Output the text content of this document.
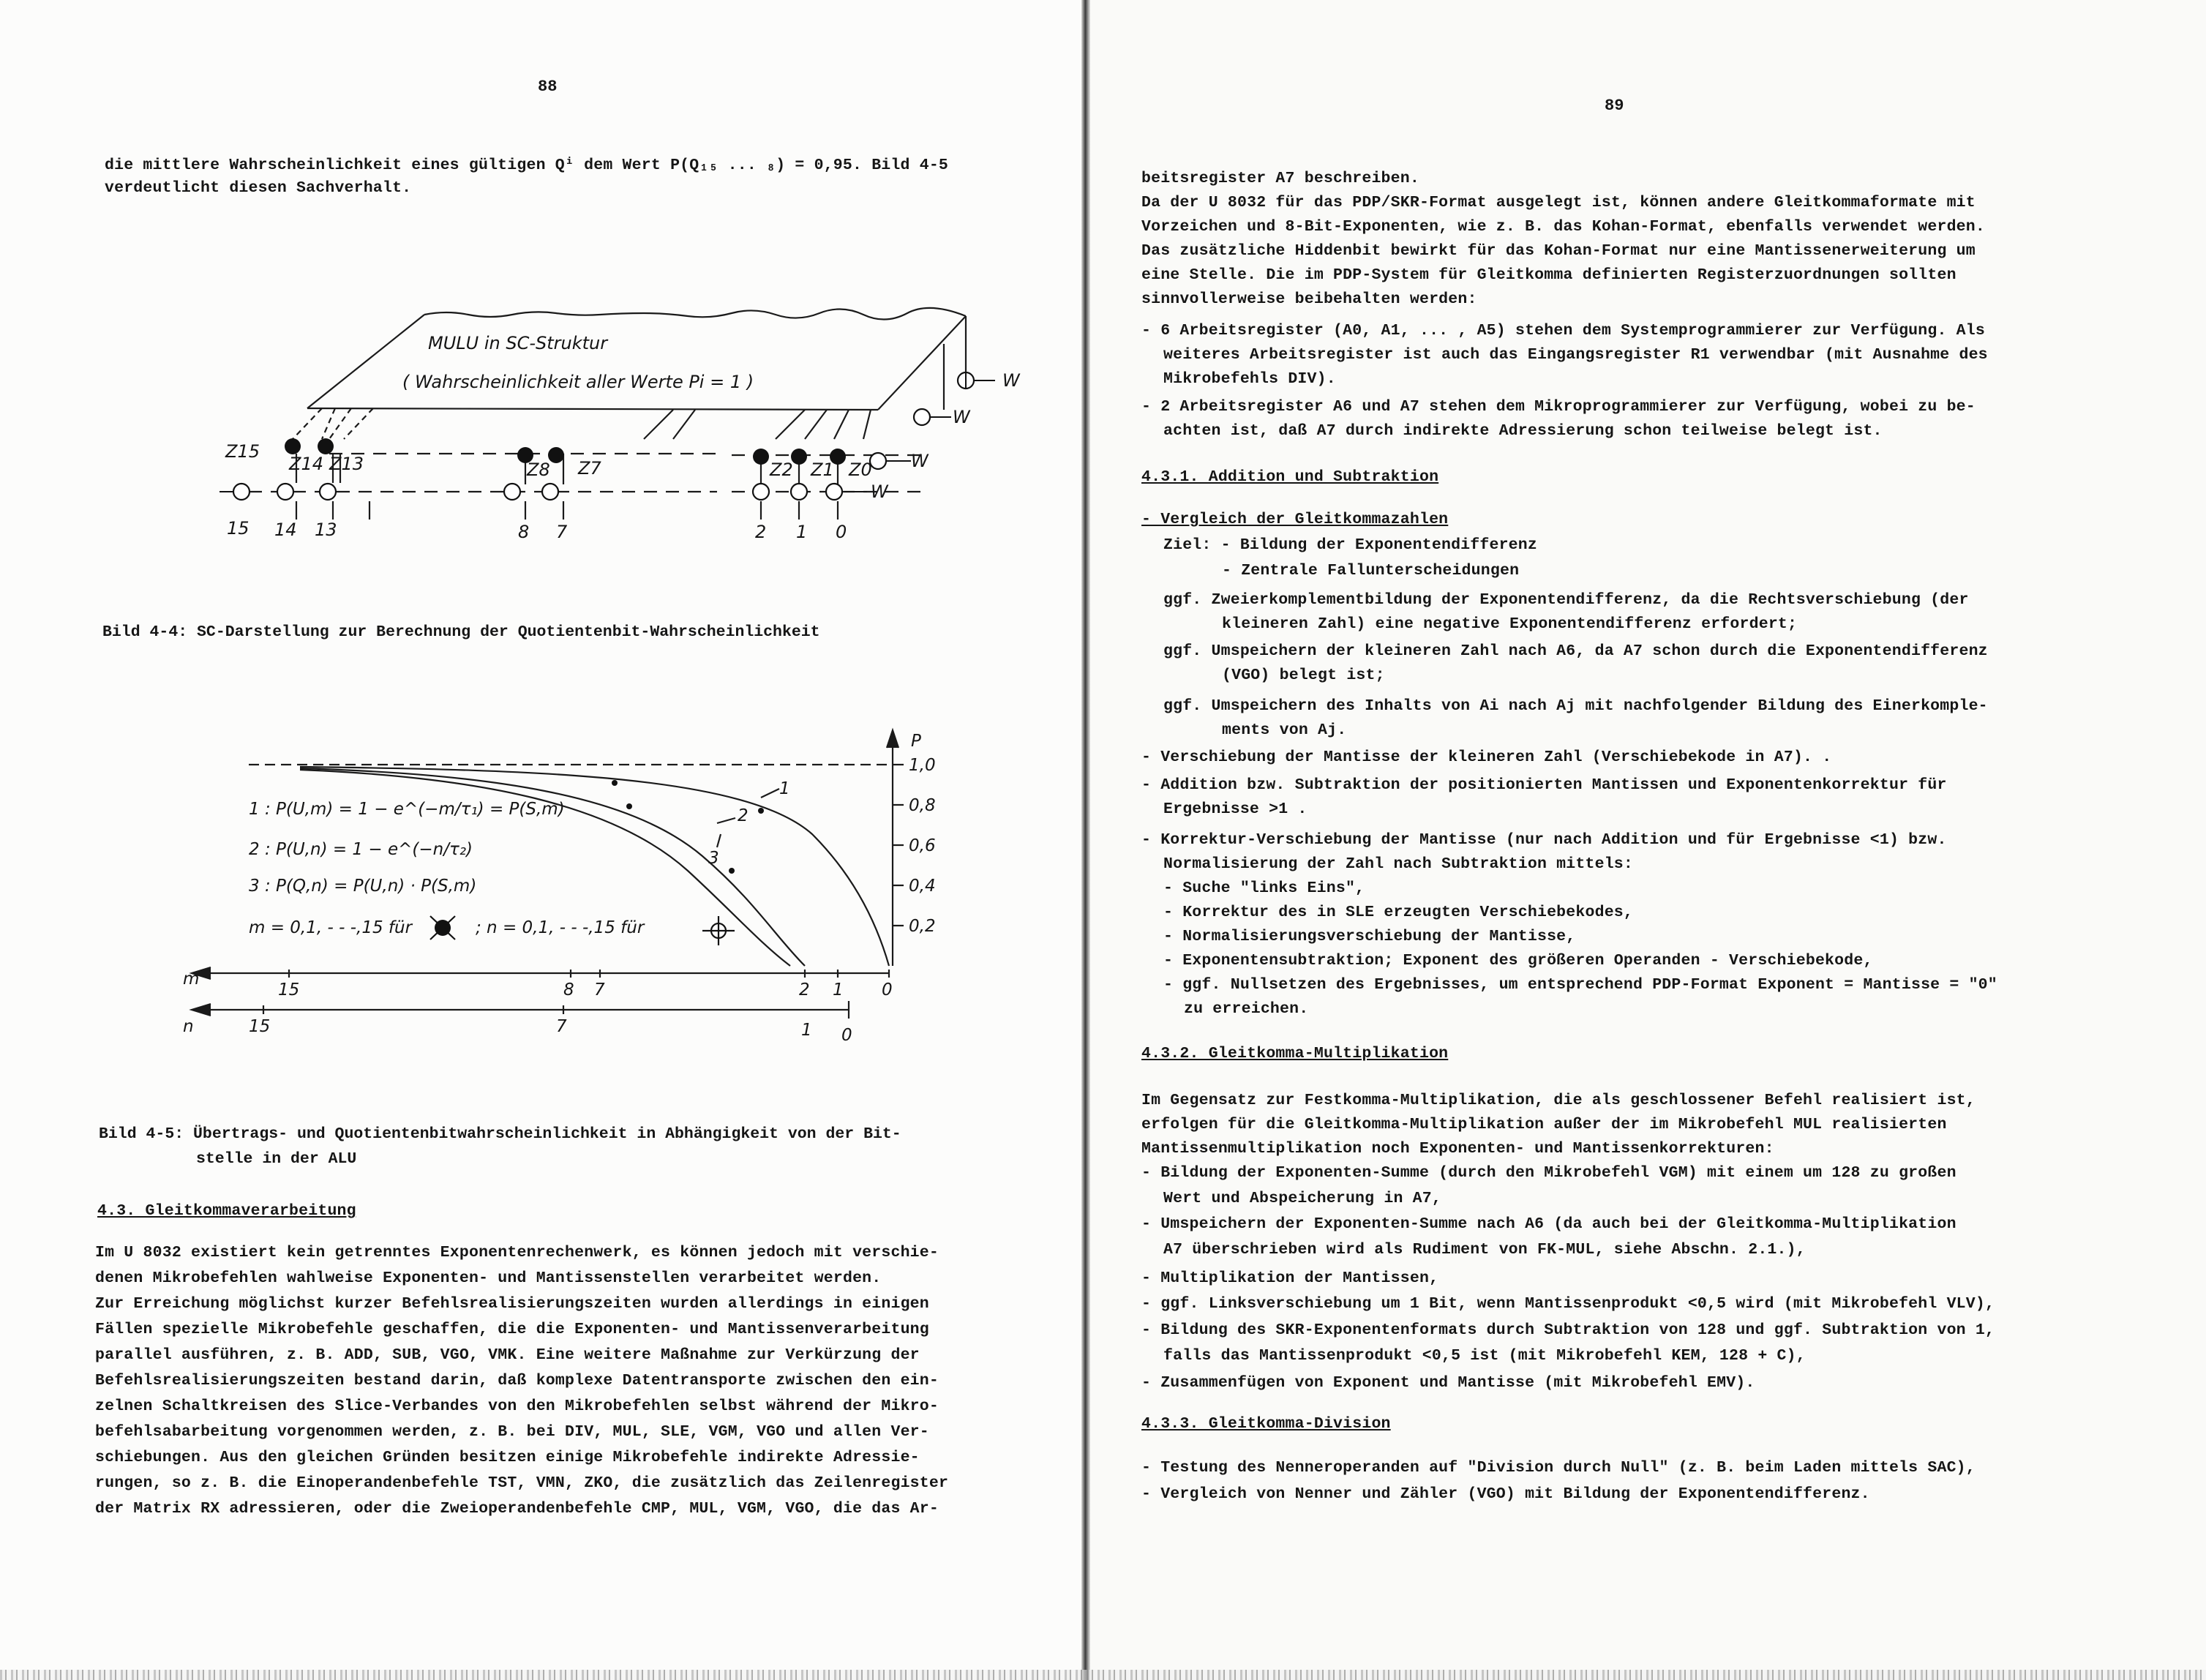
88
die mittlere Wahrscheinlichkeit eines gültigen Qⁱ dem Wert P(Q₁₅ ... ₈) = 0,95. Bild 4-5
verdeutlicht diesen Sachverhalt.
MULU in SC-Struktur
( Wahrscheinlichkeit aller Werte Pi = 1 )
Z15
Z14 Z13	Z8 Z7	Z2 Z1 Z0
15 14 13	8 7	2 1 0
W
W
W
W
Bild 4-4: SC-Darstellung zur Berechnung der Quotientenbit-Wahrscheinlichkeit
P
1,0
0,8
0,6
0,4
0,2
1 : P(U,m) = 1 − e^(−m/τ₁) = P(S,m)
2 : P(U,n) = 1 − e^(−n/τ₂)
3 : P(Q,n) = P(U,n) · P(S,m)
m = 0,1, - - -,15 für	; n = 0,1, - - -,15 für
1
2
3
m
n
15	8 7	2 1 0
15	7	1 0
Bild 4-5: Übertrags- und Quotientenbitwahrscheinlichkeit in Abhängigkeit von der Bit-
stelle in der ALU
4.3. Gleitkommaverarbeitung
Im U 8032 existiert kein getrenntes Exponentenrechenwerk, es können jedoch mit verschie-
denen Mikrobefehlen wahlweise Exponenten- und Mantissenstellen verarbeitet werden.
Zur Erreichung möglichst kurzer Befehlsrealisierungszeiten wurden allerdings in einigen
Fällen spezielle Mikrobefehle geschaffen, die die Exponenten- und Mantissenverarbeitung
parallel ausführen, z. B. ADD, SUB, VGO, VMK. Eine weitere Maßnahme zur Verkürzung der
Befehlsrealisierungszeiten bestand darin, daß komplexe Datentransporte zwischen den ein-
zelnen Schaltkreisen des Slice-Verbandes von den Mikrobefehlen selbst während der Mikro-
befehlsabarbeitung vorgenommen werden, z. B. bei DIV, MUL, SLE, VGM, VGO und allen Ver-
schiebungen. Aus den gleichen Gründen besitzen einige Mikrobefehle indirekte Adressie-
rungen, so z. B. die Einoperandenbefehle TST, VMN, ZKO, die zusätzlich das Zeilenregister
der Matrix RX adressieren, oder die Zweioperandenbefehle CMP, MUL, VGM, VGO, die das Ar-
89
beitsregister A7 beschreiben.
Da der U 8032 für das PDP/SKR-Format ausgelegt ist, können andere Gleitkommaformate mit
Vorzeichen und 8-Bit-Exponenten, wie z. B. das Kohan-Format, ebenfalls verwendet werden.
Das zusätzliche Hiddenbit bewirkt für das Kohan-Format nur eine Mantissenerweiterung um
eine Stelle. Die im PDP-System für Gleitkomma definierten Registerzuordnungen sollten
sinnvollerweise beibehalten werden:
- 6 Arbeitsregister (A0, A1, ... , A5) stehen dem Systemprogrammierer zur Verfügung. Als
weiteres Arbeitsregister ist auch das Eingangsregister R1 verwendbar (mit Ausnahme des
Mikrobefehls DIV).
- 2 Arbeitsregister A6 und A7 stehen dem Mikroprogrammierer zur Verfügung, wobei zu be-
achten ist, daß A7 durch indirekte Adressierung schon teilweise belegt ist.
4.3.1. Addition und Subtraktion
- Vergleich der Gleitkommazahlen
Ziel: - Bildung der Exponentendifferenz
- Zentrale Fallunterscheidungen
ggf. Zweierkomplementbildung der Exponentendifferenz, da die Rechtsverschiebung (der
kleineren Zahl) eine negative Exponentendifferenz erfordert;
ggf. Umspeichern der kleineren Zahl nach A6, da A7 schon durch die Exponentendifferenz
(VGO) belegt ist;
ggf. Umspeichern des Inhalts von Ai nach Aj mit nachfolgender Bildung des Einerkomple-
ments von Aj.
- Verschiebung der Mantisse der kleineren Zahl (Verschiebekode in A7). .
- Addition bzw. Subtraktion der positionierten Mantissen und Exponentenkorrektur für
Ergebnisse >1 .
- Korrektur-Verschiebung der Mantisse (nur nach Addition und für Ergebnisse <1) bzw.
Normalisierung der Zahl nach Subtraktion mittels:
- Suche "links Eins",
- Korrektur des in SLE erzeugten Verschiebekodes,
- Normalisierungsverschiebung der Mantisse,
- Exponentensubtraktion; Exponent des größeren Operanden - Verschiebekode,
- ggf. Nullsetzen des Ergebnisses, um entsprechend PDP-Format Exponent = Mantisse = "0"
zu erreichen.
4.3.2. Gleitkomma-Multiplikation
Im Gegensatz zur Festkomma-Multiplikation, die als geschlossener Befehl realisiert ist,
erfolgen für die Gleitkomma-Multiplikation außer der im Mikrobefehl MUL realisierten
Mantissenmultiplikation noch Exponenten- und Mantissenkorrekturen:
- Bildung der Exponenten-Summe (durch den Mikrobefehl VGM) mit einem um 128 zu großen
Wert und Abspeicherung in A7,
- Umspeichern der Exponenten-Summe nach A6 (da auch bei der Gleitkomma-Multiplikation
A7 überschrieben wird als Rudiment von FK-MUL, siehe Abschn. 2.1.),
- Multiplikation der Mantissen,
- ggf. Linksverschiebung um 1 Bit, wenn Mantissenprodukt <0,5 wird (mit Mikrobefehl VLV),
- Bildung des SKR-Exponentenformats durch Subtraktion von 128 und ggf. Subtraktion von 1,
falls das Mantissenprodukt <0,5 ist (mit Mikrobefehl KEM, 128 + C),
- Zusammenfügen von Exponent und Mantisse (mit Mikrobefehl EMV).
4.3.3. Gleitkomma-Division
- Testung des Nenneroperanden auf "Division durch Null" (z. B. beim Laden mittels SAC),
- Vergleich von Nenner und Zähler (VGO) mit Bildung der Exponentendifferenz.
